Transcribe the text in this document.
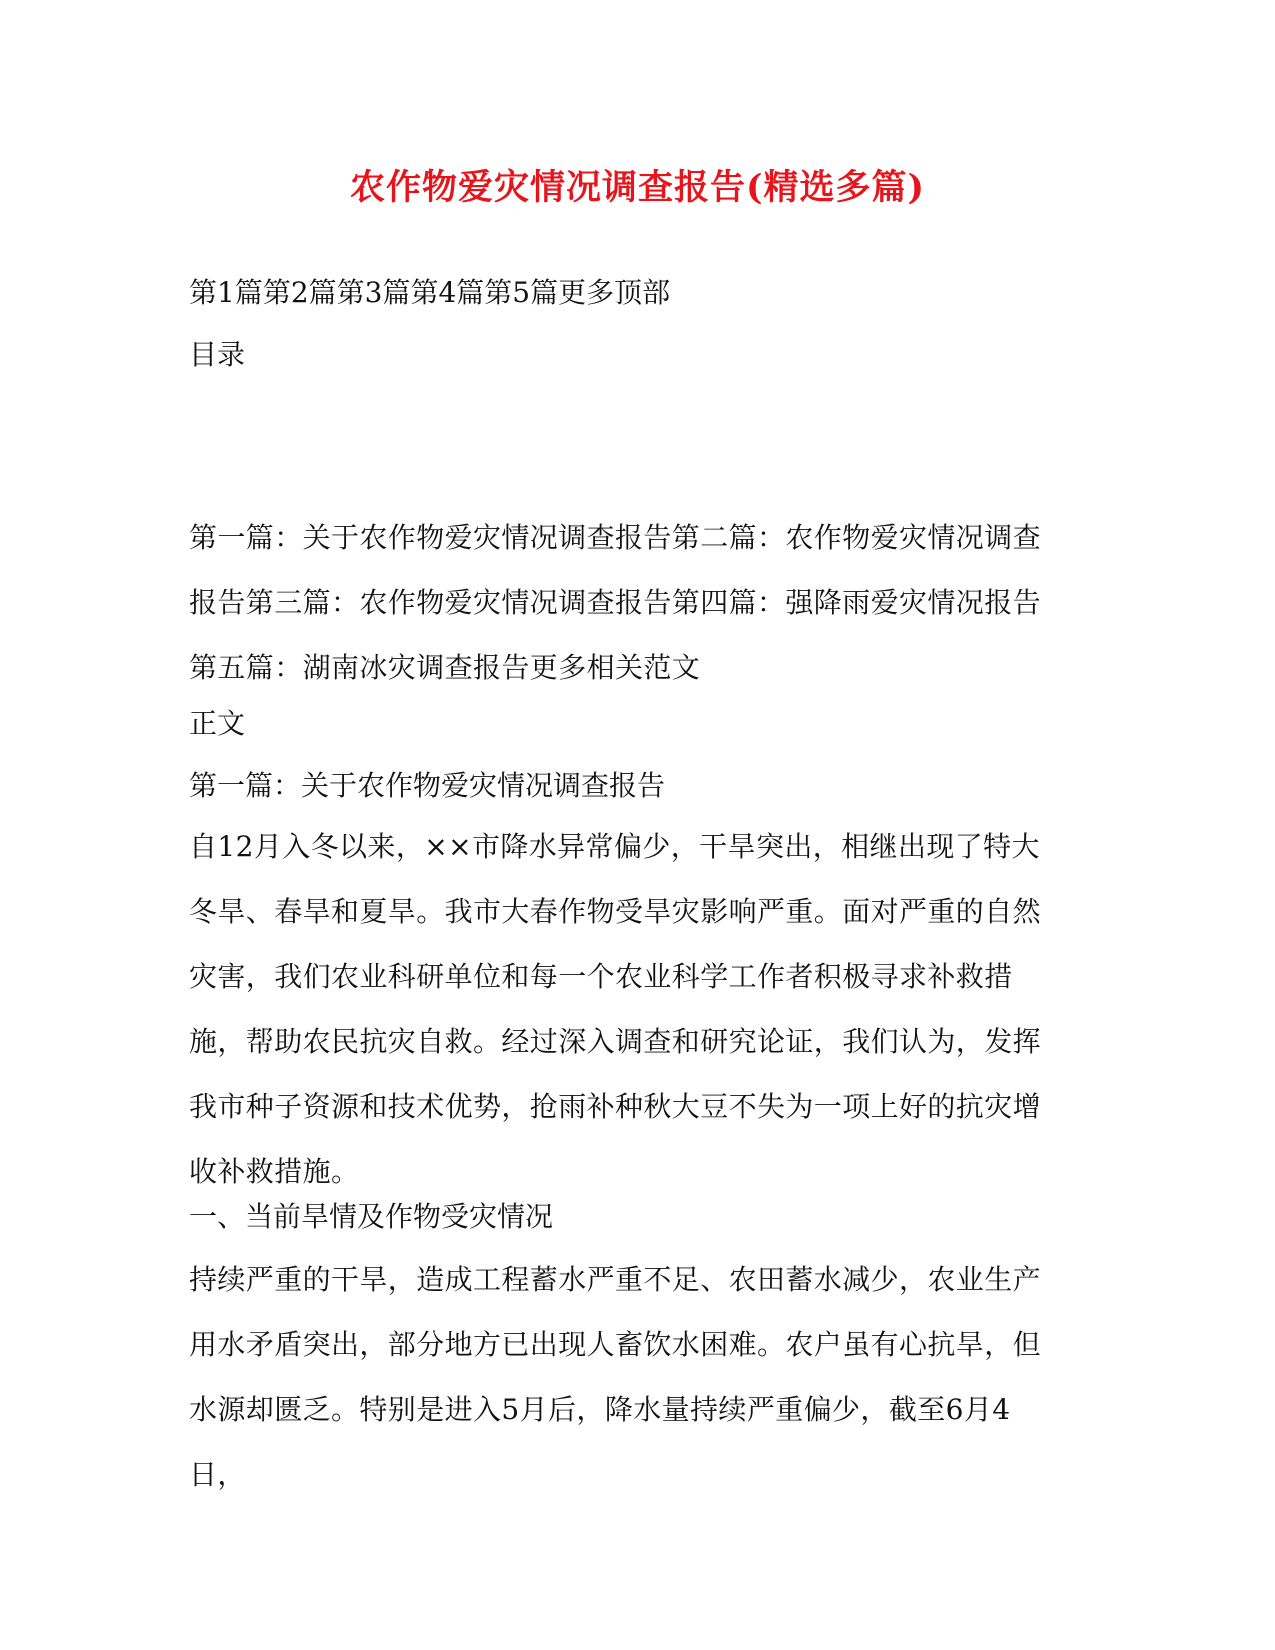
农作物爱灾情况调查报告(精选多篇)
第1篇第2篇第3篇第4篇第5篇更多顶部
目录
第一篇：关于农作物爱灾情况调查报告第二篇：农作物爱灾情况调查报告第三篇：农作物爱灾情况调查报告第四篇：强降雨爱灾情况报告第五篇：湖南冰灾调查报告更多相关范文
正文
第一篇：关于农作物爱灾情况调查报告
自12月入冬以来，××市降水异常偏少，干旱突出，相继出现了特大冬旱、春旱和夏旱。我市大春作物受旱灾影响严重。面对严重的自然灾害，我们农业科研单位和每一个农业科学工作者积极寻求补救措施，帮助农民抗灾自救。经过深入调查和研究论证，我们认为，发挥我市种子资源和技术优势，抢雨补种秋大豆不失为一项上好的抗灾增收补救措施。
一、当前旱情及作物受灾情况
持续严重的干旱，造成工程蓄水严重不足、农田蓄水减少，农业生产用水矛盾突出，部分地方已出现人畜饮水困难。农户虽有心抗旱，但水源却匮乏。特别是进入5月后，降水量持续严重偏少，截至6月4日，
